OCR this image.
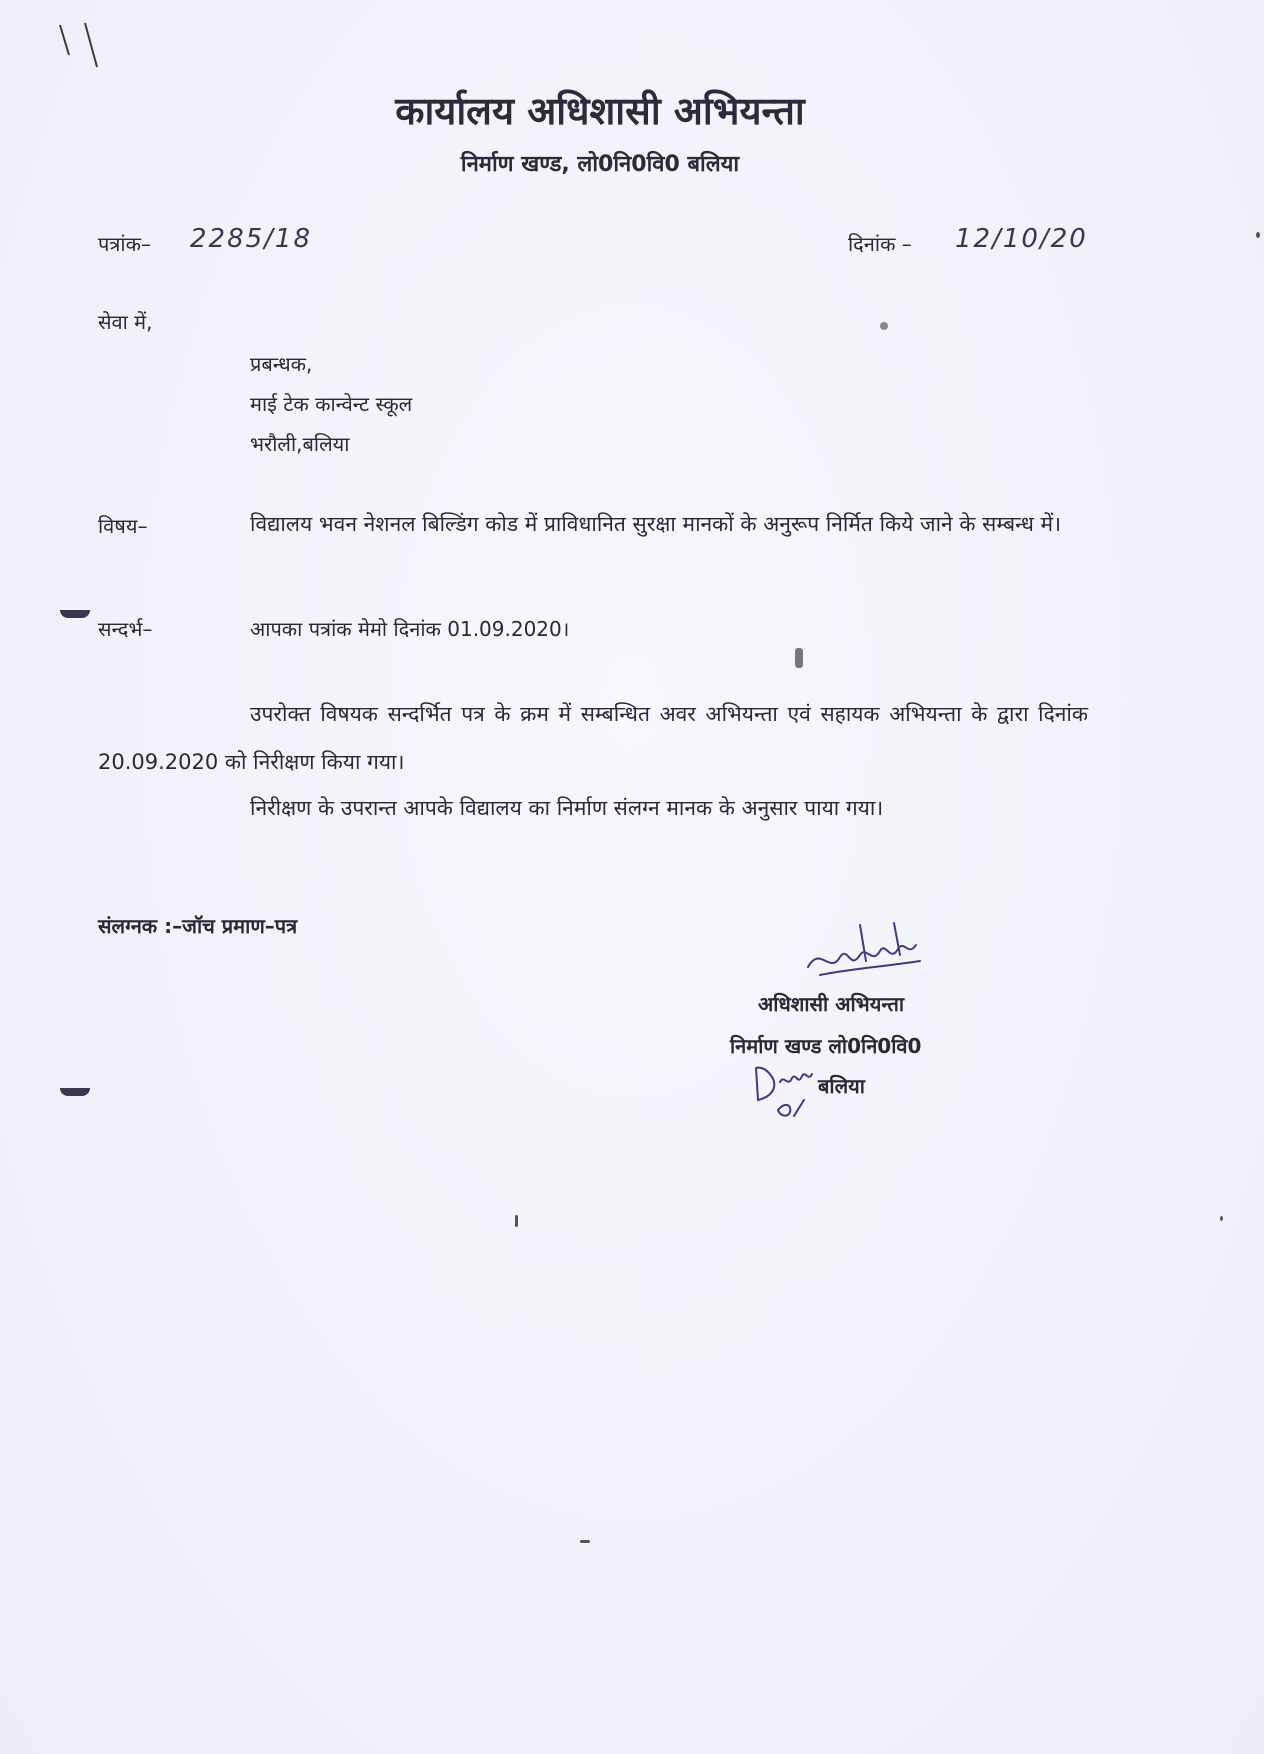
कार्यालय अधिशासी अभियन्ता
निर्माण खण्ड, लो0नि0वि0 बलिया
पत्रांक– 2285/18	दिनांक – 12/10/20
सेवा में,
प्रबन्धक,
माई टेक कान्वेन्ट स्कूल
भरौली,बलिया
विषय–	विद्यालय भवन नेशनल बिल्डिंग कोड में प्राविधानित सुरक्षा मानकों के अनुरूप निर्मित किये जाने के सम्बन्ध में।
सन्दर्भ–	आपका पत्रांक मेमो दिनांक 01.09.2020।
उपरोक्त विषयक सन्दर्भित पत्र के क्रम में सम्बन्धित अवर अभियन्ता एवं सहायक अभियन्ता के द्वारा दिनांक 20.09.2020 को निरीक्षण किया गया।
निरीक्षण के उपरान्त आपके विद्यालय का निर्माण संलग्न मानक के अनुसार पाया गया।
संलग्नक :–जॉच प्रमाण–पत्र
अधिशासी अभियन्ता
निर्माण खण्ड लो0नि0वि0
बलिया
